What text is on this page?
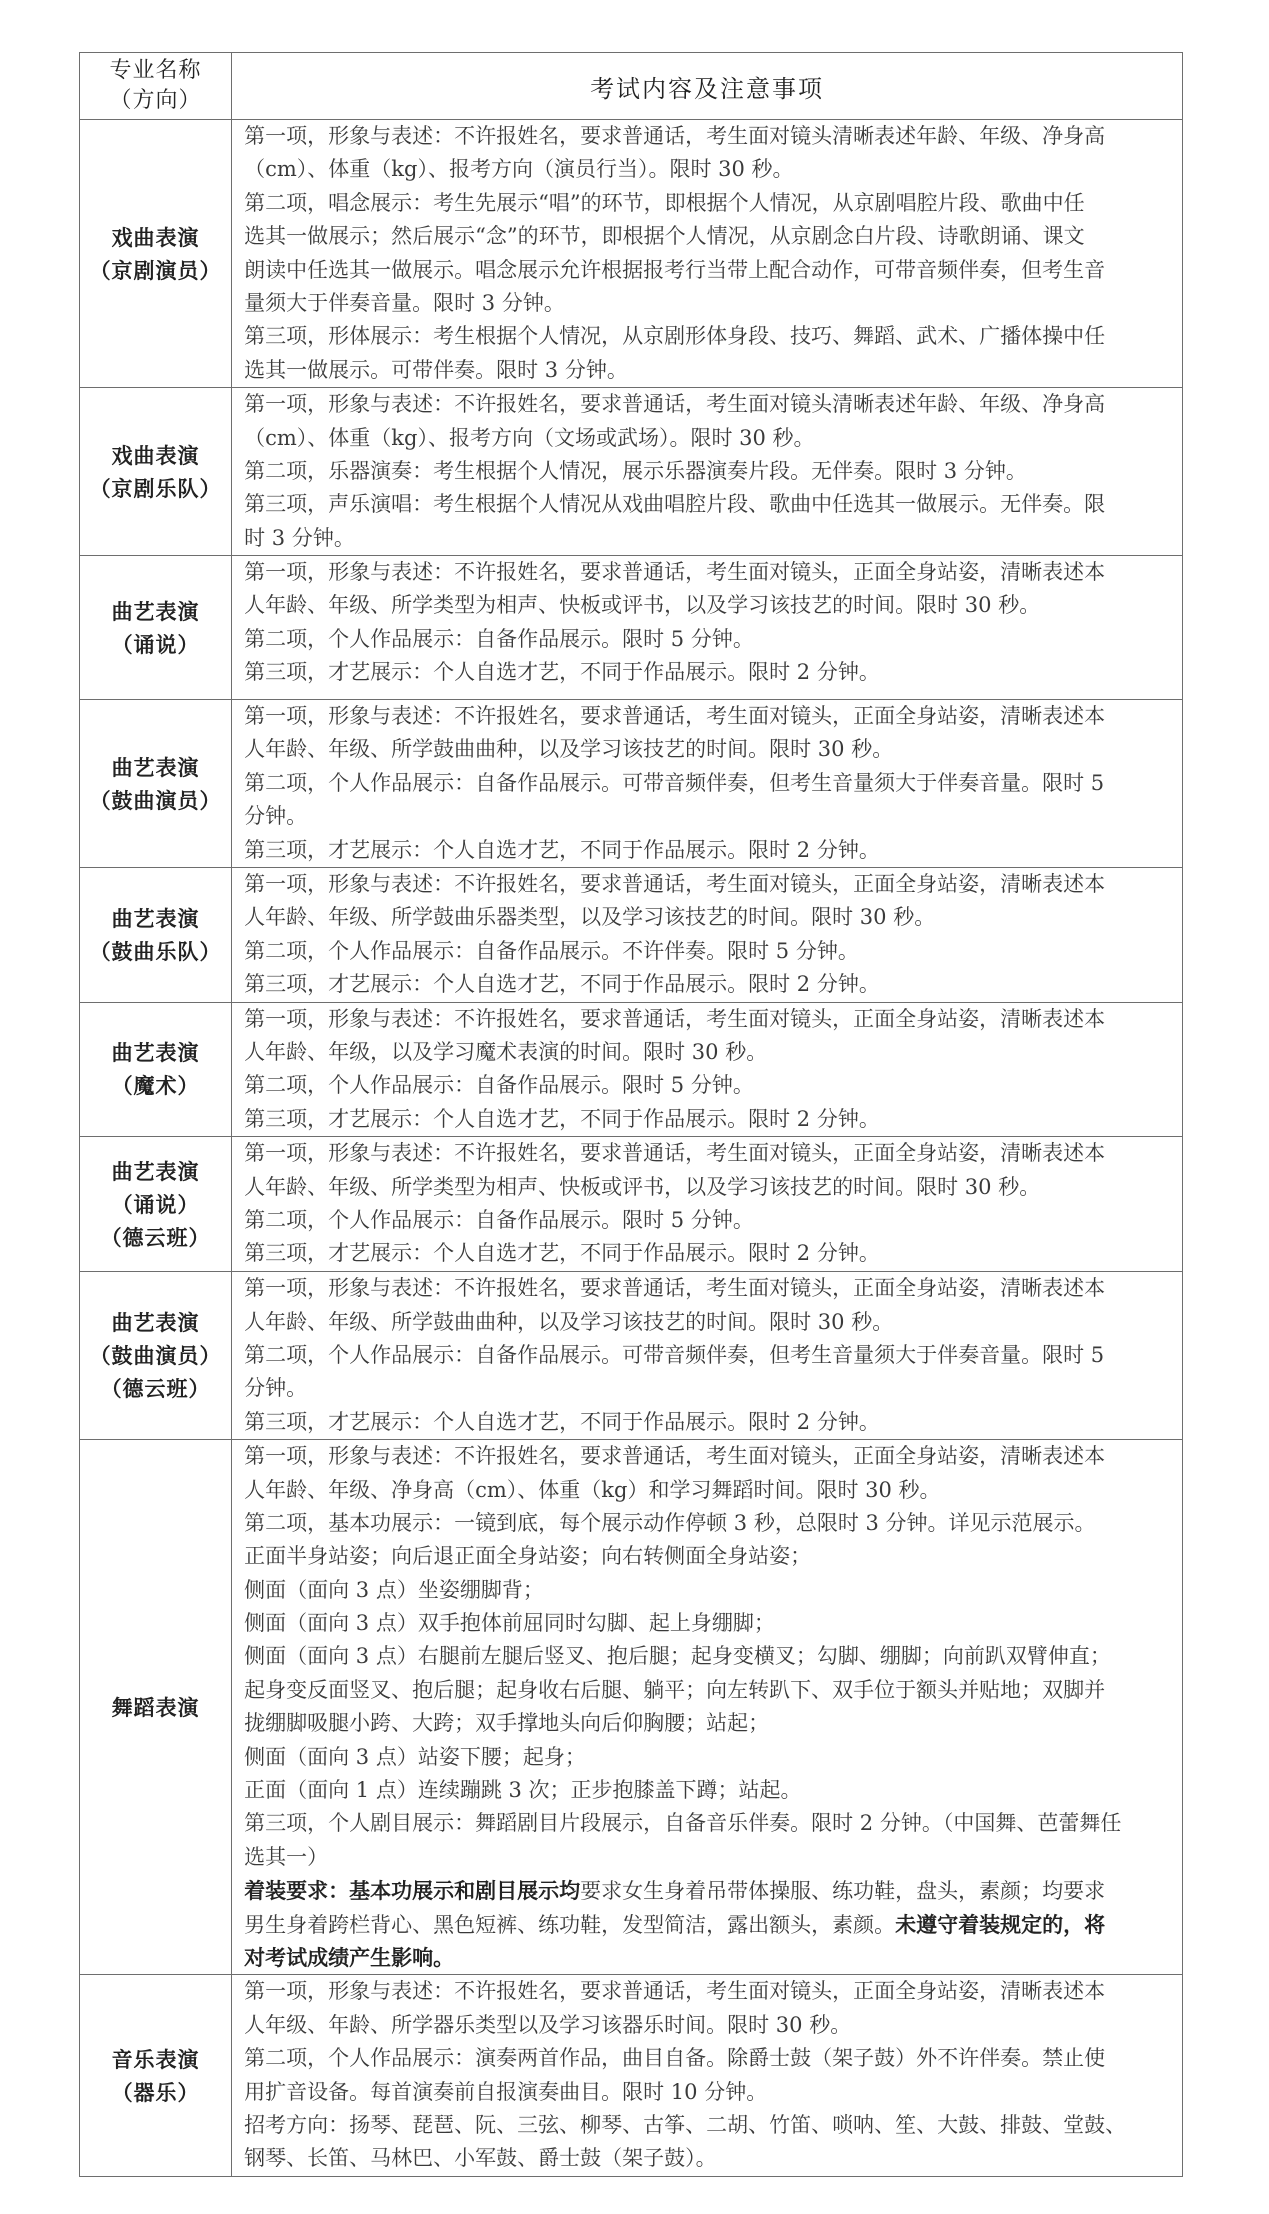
专业名称
（方向）	考试内容及注意事项

戏曲表演
（京剧演员）

第一项，形象与表述：不许报姓名，要求普通话，考生面对镜头清晰表述年龄、年级、净身高
（cm）、体重（kg）、报考方向（演员行当）。限时 30 秒。
第二项，唱念展示：考生先展示“唱”的环节，即根据个人情况，从京剧唱腔片段、歌曲中任
选其一做展示；然后展示“念”的环节，即根据个人情况，从京剧念白片段、诗歌朗诵、课文
朗读中任选其一做展示。唱念展示允许根据报考行当带上配合动作，可带音频伴奏，但考生音
量须大于伴奏音量。限时 3 分钟。
第三项，形体展示：考生根据个人情况，从京剧形体身段、技巧、舞蹈、武术、广播体操中任
选其一做展示。可带伴奏。限时 3 分钟。

戏曲表演
（京剧乐队）

第一项，形象与表述：不许报姓名，要求普通话，考生面对镜头清晰表述年龄、年级、净身高
（cm）、体重（kg）、报考方向（文场或武场）。限时 30 秒。
第二项，乐器演奏：考生根据个人情况，展示乐器演奏片段。无伴奏。限时 3 分钟。
第三项，声乐演唱：考生根据个人情况从戏曲唱腔片段、歌曲中任选其一做展示。无伴奏。限
时 3 分钟。

曲艺表演
（诵说）

第一项，形象与表述：不许报姓名，要求普通话，考生面对镜头，正面全身站姿，清晰表述本
人年龄、年级、所学类型为相声、快板或评书，以及学习该技艺的时间。限时 30 秒。
第二项，个人作品展示：自备作品展示。限时 5 分钟。
第三项，才艺展示：个人自选才艺，不同于作品展示。限时 2 分钟。

曲艺表演
（鼓曲演员）

第一项，形象与表述：不许报姓名，要求普通话，考生面对镜头，正面全身站姿，清晰表述本
人年龄、年级、所学鼓曲曲种，以及学习该技艺的时间。限时 30 秒。
第二项，个人作品展示：自备作品展示。可带音频伴奏，但考生音量须大于伴奏音量。限时 5
分钟。
第三项，才艺展示：个人自选才艺，不同于作品展示。限时 2 分钟。

曲艺表演
（鼓曲乐队）

第一项，形象与表述：不许报姓名，要求普通话，考生面对镜头，正面全身站姿，清晰表述本
人年龄、年级、所学鼓曲乐器类型，以及学习该技艺的时间。限时 30 秒。
第二项，个人作品展示：自备作品展示。不许伴奏。限时 5 分钟。
第三项，才艺展示：个人自选才艺，不同于作品展示。限时 2 分钟。

曲艺表演
（魔术）

第一项，形象与表述：不许报姓名，要求普通话，考生面对镜头，正面全身站姿，清晰表述本
人年龄、年级，以及学习魔术表演的时间。限时 30 秒。
第二项，个人作品展示：自备作品展示。限时 5 分钟。
第三项，才艺展示：个人自选才艺，不同于作品展示。限时 2 分钟。

曲艺表演
（诵说）
（德云班）

第一项，形象与表述：不许报姓名，要求普通话，考生面对镜头，正面全身站姿，清晰表述本
人年龄、年级、所学类型为相声、快板或评书，以及学习该技艺的时间。限时 30 秒。
第二项，个人作品展示：自备作品展示。限时 5 分钟。
第三项，才艺展示：个人自选才艺，不同于作品展示。限时 2 分钟。

曲艺表演
（鼓曲演员）
（德云班）

第一项，形象与表述：不许报姓名，要求普通话，考生面对镜头，正面全身站姿，清晰表述本
人年龄、年级、所学鼓曲曲种，以及学习该技艺的时间。限时 30 秒。
第二项，个人作品展示：自备作品展示。可带音频伴奏，但考生音量须大于伴奏音量。限时 5
分钟。
第三项，才艺展示：个人自选才艺，不同于作品展示。限时 2 分钟。

舞蹈表演

第一项，形象与表述：不许报姓名，要求普通话，考生面对镜头，正面全身站姿，清晰表述本
人年龄、年级、净身高（cm）、体重（kg）和学习舞蹈时间。限时 30 秒。
第二项，基本功展示：一镜到底，每个展示动作停顿 3 秒，总限时 3 分钟。详见示范展示。
正面半身站姿；向后退正面全身站姿；向右转侧面全身站姿；
侧面（面向 3 点）坐姿绷脚背；
侧面（面向 3 点）双手抱体前屈同时勾脚、起上身绷脚；
侧面（面向 3 点）右腿前左腿后竖叉、抱后腿；起身变横叉；勾脚、绷脚；向前趴双臂伸直；
起身变反面竖叉、抱后腿；起身收右后腿、躺平；向左转趴下、双手位于额头并贴地；双脚并
拢绷脚吸腿小跨、大跨；双手撑地头向后仰胸腰；站起；
侧面（面向 3 点）站姿下腰；起身；
正面（面向 1 点）连续蹦跳 3 次；正步抱膝盖下蹲；站起。
第三项，个人剧目展示：舞蹈剧目片段展示，自备音乐伴奏。限时 2 分钟。（中国舞、芭蕾舞任
选其一）
着装要求：基本功展示和剧目展示均要求女生身着吊带体操服、练功鞋，盘头，素颜；均要求
男生身着跨栏背心、黑色短裤、练功鞋，发型简洁，露出额头，素颜。未遵守着装规定的，将
对考试成绩产生影响。

音乐表演
（器乐）

第一项，形象与表述：不许报姓名，要求普通话，考生面对镜头，正面全身站姿，清晰表述本
人年级、年龄、所学器乐类型以及学习该器乐时间。限时 30 秒。
第二项，个人作品展示：演奏两首作品，曲目自备。除爵士鼓（架子鼓）外不许伴奏。禁止使
用扩音设备。每首演奏前自报演奏曲目。限时 10 分钟。
招考方向：扬琴、琵琶、阮、三弦、柳琴、古筝、二胡、竹笛、唢呐、笙、大鼓、排鼓、堂鼓、
钢琴、长笛、马林巴、小军鼓、爵士鼓（架子鼓）。
